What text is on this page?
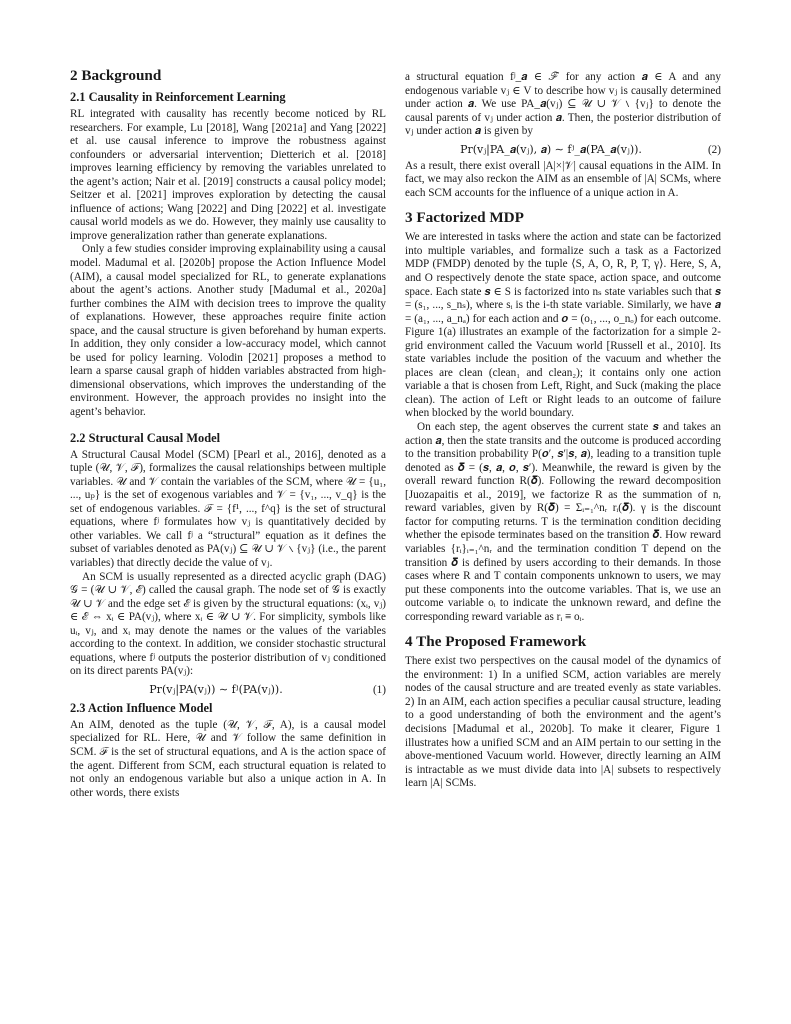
2 Background
2.1 Causality in Reinforcement Learning

RL integrated with causality has recently become noticed by RL researchers. For example, Lu [2018], Wang [2021a] and Yang [2022] et al. use causal inference to improve the robustness against confounders or adversarial intervention; Dietterich et al. [2018] improves learning efficiency by removing the variables unrelated to the agent’s action; Nair et al. [2019] constructs a causal policy model; Seitzer et al. [2021] improves exploration by detecting the causal influence of actions; Wang [2022] and Ding [2022] et al. investigate causal world models as we do. However, they mainly use causality to improve generalization rather than generate explanations.

Only a few studies consider improving explainability using a causal model. Madumal et al. [2020b] propose the Action Influence Model (AIM), a causal model specialized for RL, to generate explanations about the agent’s actions. Another study [Madumal et al., 2020a] further combines the AIM with decision trees to improve the quality of explanations. However, these approaches require finite action space, and the causal structure is given beforehand by human experts. In addition, they only consider a low-accuracy model, which cannot be used for policy learning. Volodin [2021] proposes a method to learn a sparse causal graph of hidden variables abstracted from high-dimensional observations, which improves the understanding of the environment. However, the approach provides no insight into the agent’s behavior.

2.2 Structural Causal Model

A Structural Causal Model (SCM) [Pearl et al., 2016], denoted as a tuple (𝒰, 𝒱, ℱ), formalizes the causal relationships between multiple variables. 𝒰 and 𝒱 contain the variables of the SCM, where 𝒰 = {u₁, ..., uₚ} is the set of exogenous variables and 𝒱 = {v₁, ..., v_q} is the set of endogenous variables. ℱ = {f¹, ..., f^q} is the set of structural equations, where fʲ formulates how vⱼ is quantitatively decided by other variables. We call fʲ a “structural” equation as it defines the subset of variables denoted as PA(vⱼ) ⊆ 𝒰 ∪ 𝒱 ∖ {vⱼ} (i.e., the parent variables) that directly decide the value of vⱼ.

An SCM is usually represented as a directed acyclic graph (DAG) 𝒢 = (𝒰 ∪ 𝒱, ℰ) called the causal graph. The node set of 𝒢 is exactly 𝒰 ∪ 𝒱 and the edge set ℰ is given by the structural equations: (xᵢ, vⱼ) ∈ ℰ ⇔ xᵢ ∈ PA(vⱼ), where xᵢ ∈ 𝒰 ∪ 𝒱. For simplicity, symbols like uᵢ, vⱼ, and xᵢ may denote the names or the values of the variables according to the context. In addition, we consider stochastic structural equations, where fʲ outputs the posterior distribution of vⱼ conditioned on its direct parents PA(vⱼ):

Pr(vⱼ|PA(vⱼ)) ∼ fʲ(PA(vⱼ)).	(1)
2.3 Action Influence Model

An AIM, denoted as the tuple (𝒰, 𝒱, ℱ, A), is a causal model specialized for RL. Here, 𝒰 and 𝒱 follow the same definition in SCM. ℱ is the set of structural equations, and A is the action space of the agent. Different from SCM, each structural equation is related to not only an endogenous variable but also a unique action in A. In other words, there exists

a structural equation fʲ_𝒂 ∈ ℱ for any action 𝒂 ∈ A and any endogenous variable vⱼ ∈ V to describe how vⱼ is causally determined under action 𝒂. We use PA_𝒂(vⱼ) ⊆ 𝒰 ∪ 𝒱 ∖ {vⱼ} to denote the causal parents of vⱼ under action 𝒂. Then, the posterior distribution of vⱼ under action 𝒂 is given by

Pr(vⱼ|PA_𝒂(vⱼ), 𝒂) ∼ fʲ_𝒂(PA_𝒂(vⱼ)).	(2)

As a result, there exist overall |A|×|𝒱| causal equations in the AIM. In fact, we may also reckon the AIM as an ensemble of |A| SCMs, where each SCM accounts for the influence of a unique action in A.

3 Factorized MDP

We are interested in tasks where the action and state can be factorized into multiple variables, and formalize such a task as a Factorized MDP (FMDP) denoted by the tuple ⟨S, A, O, R, P, T, γ⟩. Here, S, A, and O respectively denote the state space, action space, and outcome space. Each state 𝒔 ∈ S is factorized into nₛ state variables such that 𝒔 = (s₁, ..., s_nₛ), where sᵢ is the i-th state variable. Similarly, we have 𝒂 = (a₁, ..., a_nₐ) for each action and 𝒐 = (o₁, ..., o_nₒ) for each outcome. Figure 1(a) illustrates an example of the factorization for a simple 2-grid environment called the Vacuum world [Russell et al., 2010]. Its state variables include the position of the vacuum and whether the places are clean (clean₁ and clean₂); it contains only one action variable a that is chosen from Left, Right, and Suck (making the place clean). The action of Left or Right leads to an outcome of failure when blocked by the world boundary.

On each step, the agent observes the current state 𝒔 and takes an action 𝒂, then the state transits and the outcome is produced according to the transition probability P(𝒐′, 𝒔′|𝒔, 𝒂), leading to a transition tuple denoted as 𝜹 = (𝒔, 𝒂, 𝒐, 𝒔′). Meanwhile, the reward is given by the overall reward function R(𝜹). Following the reward decomposition [Juozapaitis et al., 2019], we factorize R as the summation of nᵣ reward variables, given by R(𝜹) = Σᵢ₌₁^nᵣ rᵢ(𝜹). γ is the discount factor for computing returns. T is the termination condition deciding whether the episode terminates based on the transition 𝜹. How reward variables {rᵢ}ᵢ₌₁^nᵣ and the termination condition T depend on the transition 𝜹 is defined by users according to their demands. In those cases where R and T contain components unknown to users, we may put these components into the outcome variables. That is, we use an outcome variable oᵢ to indicate the unknown reward, and define the corresponding reward variable as rᵢ ≡ oᵢ.

4 The Proposed Framework

There exist two perspectives on the causal model of the dynamics of the environment: 1) In a unified SCM, action variables are merely nodes of the causal structure and are treated evenly as state variables. 2) In an AIM, each action specifies a peculiar causal structure, leading to a good understanding of both the environment and the agent’s decisions [Madumal et al., 2020b]. To make it clearer, Figure 1 illustrates how a unified SCM and an AIM pertain to our setting in the above-mentioned Vacuum world. However, directly learning an AIM is intractable as we must divide data into |A| subsets to respectively learn |A| SCMs.
